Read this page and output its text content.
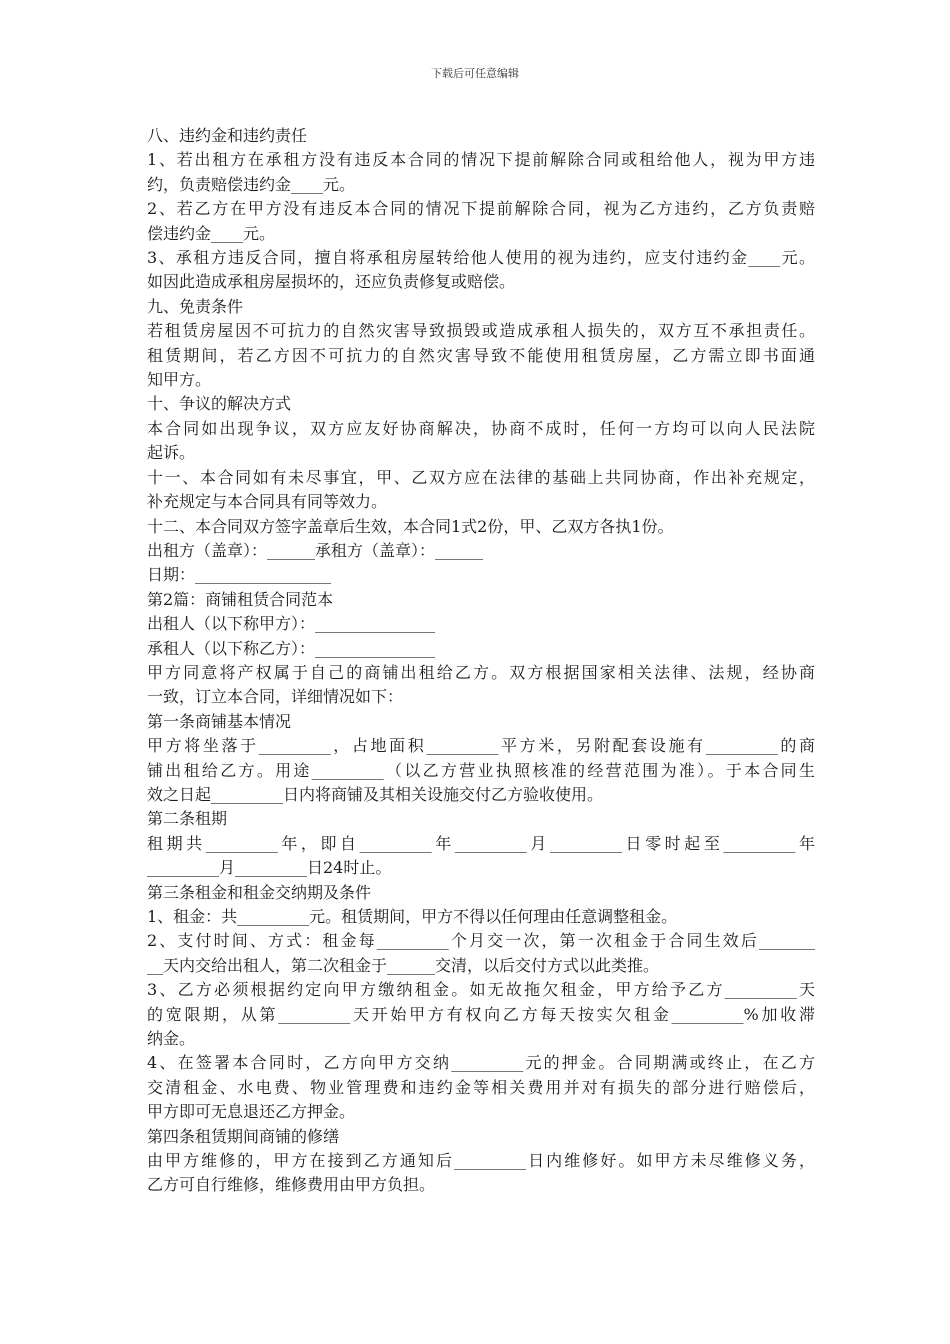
下载后可任意编辑
八、违约金和违约责任
1、若出租方在承租方没有违反本合同的情况下提前解除合同或租给他人，视为甲方违
约，负责赔偿违约金____元。
2、若乙方在甲方没有违反本合同的情况下提前解除合同，视为乙方违约，乙方负责赔
偿违约金____元。
3、承租方违反合同，擅自将承租房屋转给他人使用的视为违约，应支付违约金____元。
如因此造成承租房屋损坏的，还应负责修复或赔偿。
九、免责条件
若租赁房屋因不可抗力的自然灾害导致损毁或造成承租人损失的，双方互不承担责任。
租赁期间，若乙方因不可抗力的自然灾害导致不能使用租赁房屋，乙方需立即书面通
知甲方。
十、争议的解决方式
本合同如出现争议，双方应友好协商解决，协商不成时，任何一方均可以向人民法院
起诉。
十一、本合同如有未尽事宜，甲、乙双方应在法律的基础上共同协商，作出补充规定，
补充规定与本合同具有同等效力。
十二、本合同双方签字盖章后生效，本合同1式2份，甲、乙双方各执1份。
出租方（盖章）：______承租方（盖章）：______
日期：_________________
第2篇：商铺租赁合同范本
出租人（以下称甲方）：_______________
承租人（以下称乙方）：_______________
甲方同意将产权属于自己的商铺出租给乙方。双方根据国家相关法律、法规，经协商
一致，订立本合同，详细情况如下：
第一条商铺基本情况
甲方将坐落于_________，占地面积_________平方米，另附配套设施有_________的商
铺出租给乙方。用途_________（以乙方营业执照核准的经营范围为准）。于本合同生
效之日起_________日内将商铺及其相关设施交付乙方验收使用。
第二条租期
租期共_________年，即自_________年_________月_________日零时起至_________年
_________月_________日24时止。
第三条租金和租金交纳期及条件
1、租金：共_________元。租赁期间，甲方不得以任何理由任意调整租金。
2、支付时间、方式：租金每_________个月交一次，第一次租金于合同生效后_______
__天内交给出租人，第二次租金于______交清，以后交付方式以此类推。
3、乙方必须根据约定向甲方缴纳租金。如无故拖欠租金，甲方给予乙方_________天
的宽限期，从第_________天开始甲方有权向乙方每天按实欠租金_________%加收滞
纳金。
4、在签署本合同时，乙方向甲方交纳_________元的押金。合同期满或终止，在乙方
交清租金、水电费、物业管理费和违约金等相关费用并对有损失的部分进行赔偿后，
甲方即可无息退还乙方押金。
第四条租赁期间商铺的修缮
由甲方维修的，甲方在接到乙方通知后_________日内维修好。如甲方未尽维修义务，
乙方可自行维修，维修费用由甲方负担。
